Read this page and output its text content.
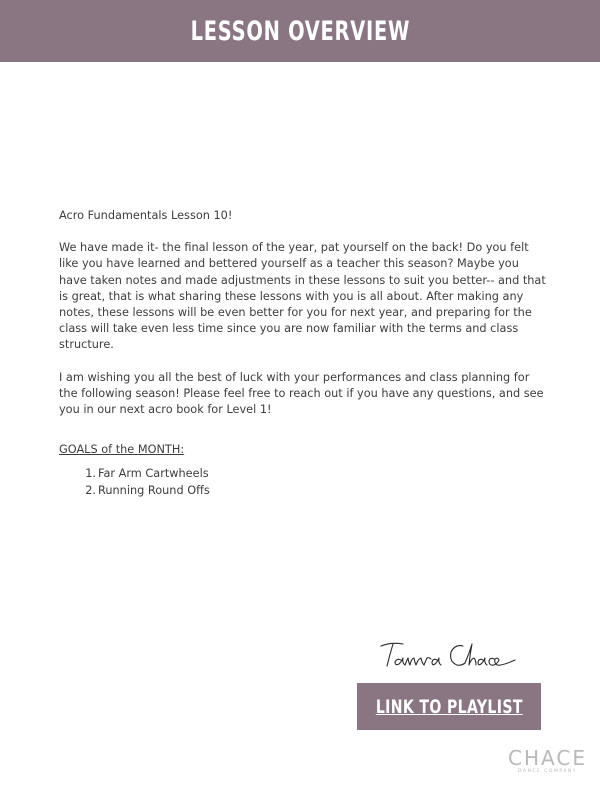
LESSON OVERVIEW

Acro Fundamentals Lesson 10!

We have made it- the final lesson of the year, pat yourself on the back! Do you felt like you have learned and bettered yourself as a teacher this season? Maybe you have taken notes and made adjustments in these lessons to suit you better-- and that is great, that is what sharing these lessons with you is all about. After making any notes, these lessons will be even better for you for next year, and preparing for the class will take even less time since you are now familiar with the terms and class structure.

I am wishing you all the best of luck with your performances and class planning for the following season! Please feel free to reach out if you have any questions, and see you in our next acro book for Level 1!

GOALS of the MONTH:

1. Far Arm Cartwheels
2. Running Round Offs
LINK TO PLAYLIST
CHACE
DANCE COMPANY
